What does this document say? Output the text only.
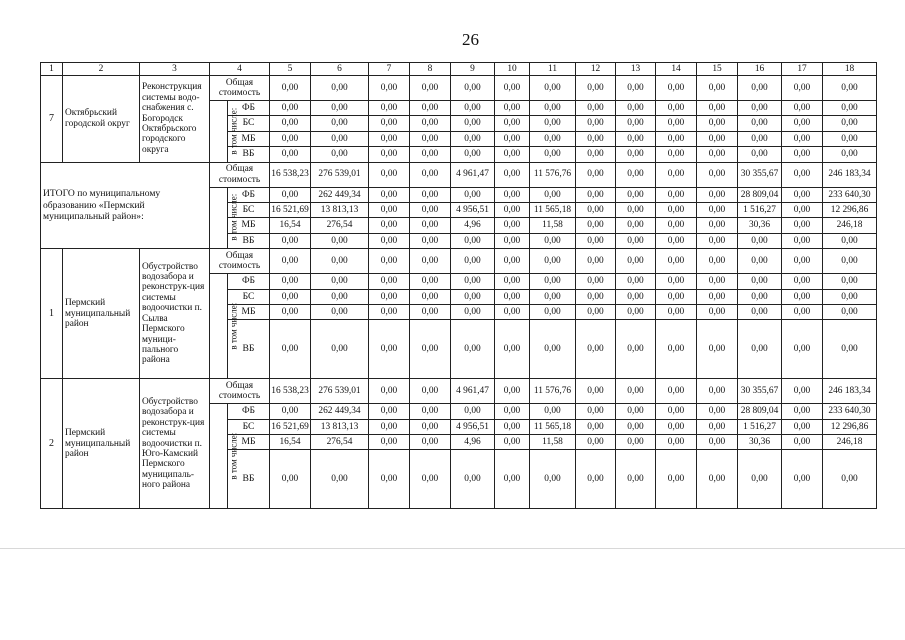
26
1	2	3	4		5	6	7	8	9	10	11	12	13	14	15	16	17	18
7	Октябрьский городской округ	Реконструкция системы водо-снабжения с. Богородск Октябрьского городского округа	Общая стоимость		0,00	0,00	0,00	0,00	0,00	0,00	0,00	0,00	0,00	0,00	0,00	0,00	0,00	0,00
			в том числе:	ФБ	0,00	0,00	0,00	0,00	0,00	0,00	0,00	0,00	0,00	0,00	0,00	0,00	0,00	0,00
				БС	0,00	0,00	0,00	0,00	0,00	0,00	0,00	0,00	0,00	0,00	0,00	0,00	0,00	0,00
				МБ	0,00	0,00	0,00	0,00	0,00	0,00	0,00	0,00	0,00	0,00	0,00	0,00	0,00	0,00
				ВБ	0,00	0,00	0,00	0,00	0,00	0,00	0,00	0,00	0,00	0,00	0,00	0,00	0,00	0,00
ИТОГО по муниципальному образованию «Пермский муниципальный район»:			Общая стоимость		16 538,23	276 539,01	0,00	0,00	4 961,47	0,00	11 576,76	0,00	0,00	0,00	0,00	30 355,67	0,00	246 183,34
			в том числе:	ФБ	0,00	262 449,34	0,00	0,00	0,00	0,00	0,00	0,00	0,00	0,00	0,00	28 809,04	0,00	233 640,30
				БС	16 521,69	13 813,13	0,00	0,00	4 956,51	0,00	11 565,18	0,00	0,00	0,00	0,00	1 516,27	0,00	12 296,86
				МБ	16,54	276,54	0,00	0,00	4,96	0,00	11,58	0,00	0,00	0,00	0,00	30,36	0,00	246,18
				ВБ	0,00	0,00	0,00	0,00	0,00	0,00	0,00	0,00	0,00	0,00	0,00	0,00	0,00	0,00
1	Пермский муниципальный район	Обустройство водозабора и реконструк-ция системы водоочистки п. Сылва Пермского муници-пального района	Общая стоимость		0,00	0,00	0,00	0,00	0,00	0,00	0,00	0,00	0,00	0,00	0,00	0,00	0,00	0,00
			в том числе:	ФБ	0,00	0,00	0,00	0,00	0,00	0,00	0,00	0,00	0,00	0,00	0,00	0,00	0,00	0,00
				БС	0,00	0,00	0,00	0,00	0,00	0,00	0,00	0,00	0,00	0,00	0,00	0,00	0,00	0,00
				МБ	0,00	0,00	0,00	0,00	0,00	0,00	0,00	0,00	0,00	0,00	0,00	0,00	0,00	0,00
				ВБ	0,00	0,00	0,00	0,00	0,00	0,00	0,00	0,00	0,00	0,00	0,00	0,00	0,00	0,00
2	Пермский муниципальный район	Обустройство водозабора и реконструк-ция системы водоочистки п. Юго-Камский Пермского муниципаль-ного района	Общая стоимость		16 538,23	276 539,01	0,00	0,00	4 961,47	0,00	11 576,76	0,00	0,00	0,00	0,00	30 355,67	0,00	246 183,34
			в том числе:	ФБ	0,00	262 449,34	0,00	0,00	0,00	0,00	0,00	0,00	0,00	0,00	0,00	28 809,04	0,00	233 640,30
				БС	16 521,69	13 813,13	0,00	0,00	4 956,51	0,00	11 565,18	0,00	0,00	0,00	0,00	1 516,27	0,00	12 296,86
				МБ	16,54	276,54	0,00	0,00	4,96	0,00	11,58	0,00	0,00	0,00	0,00	30,36	0,00	246,18
				ВБ	0,00	0,00	0,00	0,00	0,00	0,00	0,00	0,00	0,00	0,00	0,00	0,00	0,00	0,00
